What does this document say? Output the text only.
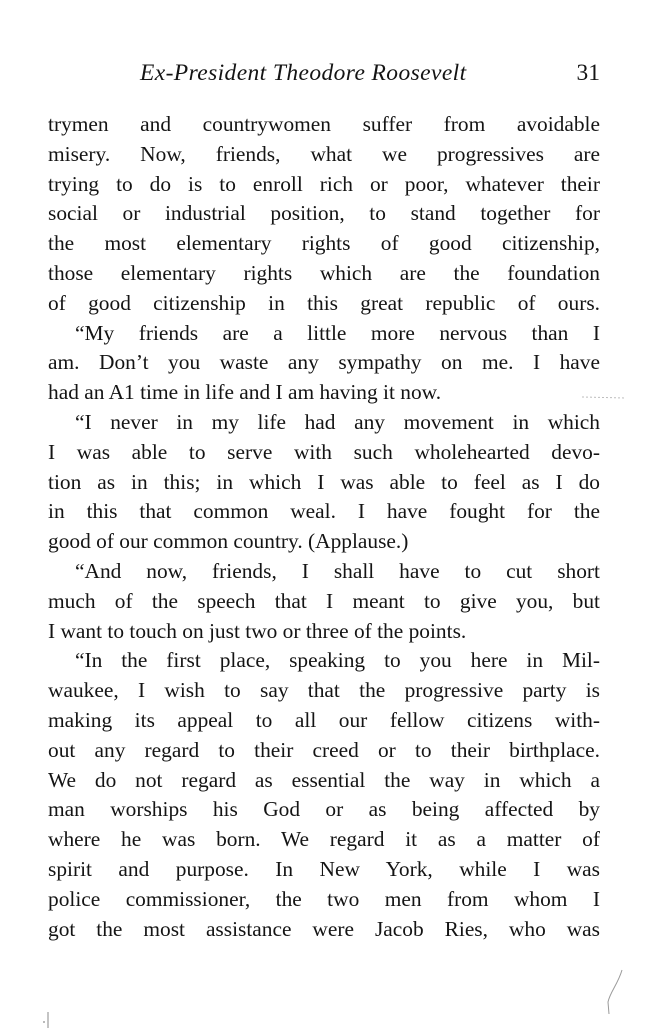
Ex-President Theodore Roosevelt	31
trymen and countrywomen suffer from avoidable
misery. Now, friends, what we progressives are
trying to do is to enroll rich or poor, whatever their
social or industrial position, to stand together for
the most elementary rights of good citizenship,
those elementary rights which are the foundation
of good citizenship in this great republic of ours.
“My friends are a little more nervous than I
am. Don’t you waste any sympathy on me. I have
had an A1 time in life and I am having it now.
“I never in my life had any movement in which
I was able to serve with such wholehearted devo-
tion as in this; in which I was able to feel as I do
in this that common weal. I have fought for the
good of our common country. (Applause.)
“And now, friends, I shall have to cut short
much of the speech that I meant to give you, but
I want to touch on just two or three of the points.
“In the first place, speaking to you here in Mil-
waukee, I wish to say that the progressive party is
making its appeal to all our fellow citizens with-
out any regard to their creed or to their birthplace.
We do not regard as essential the way in which a
man worships his God or as being affected by
where he was born. We regard it as a matter of
spirit and purpose. In New York, while I was
police commissioner, the two men from whom I
got the most assistance were Jacob Ries, who was
